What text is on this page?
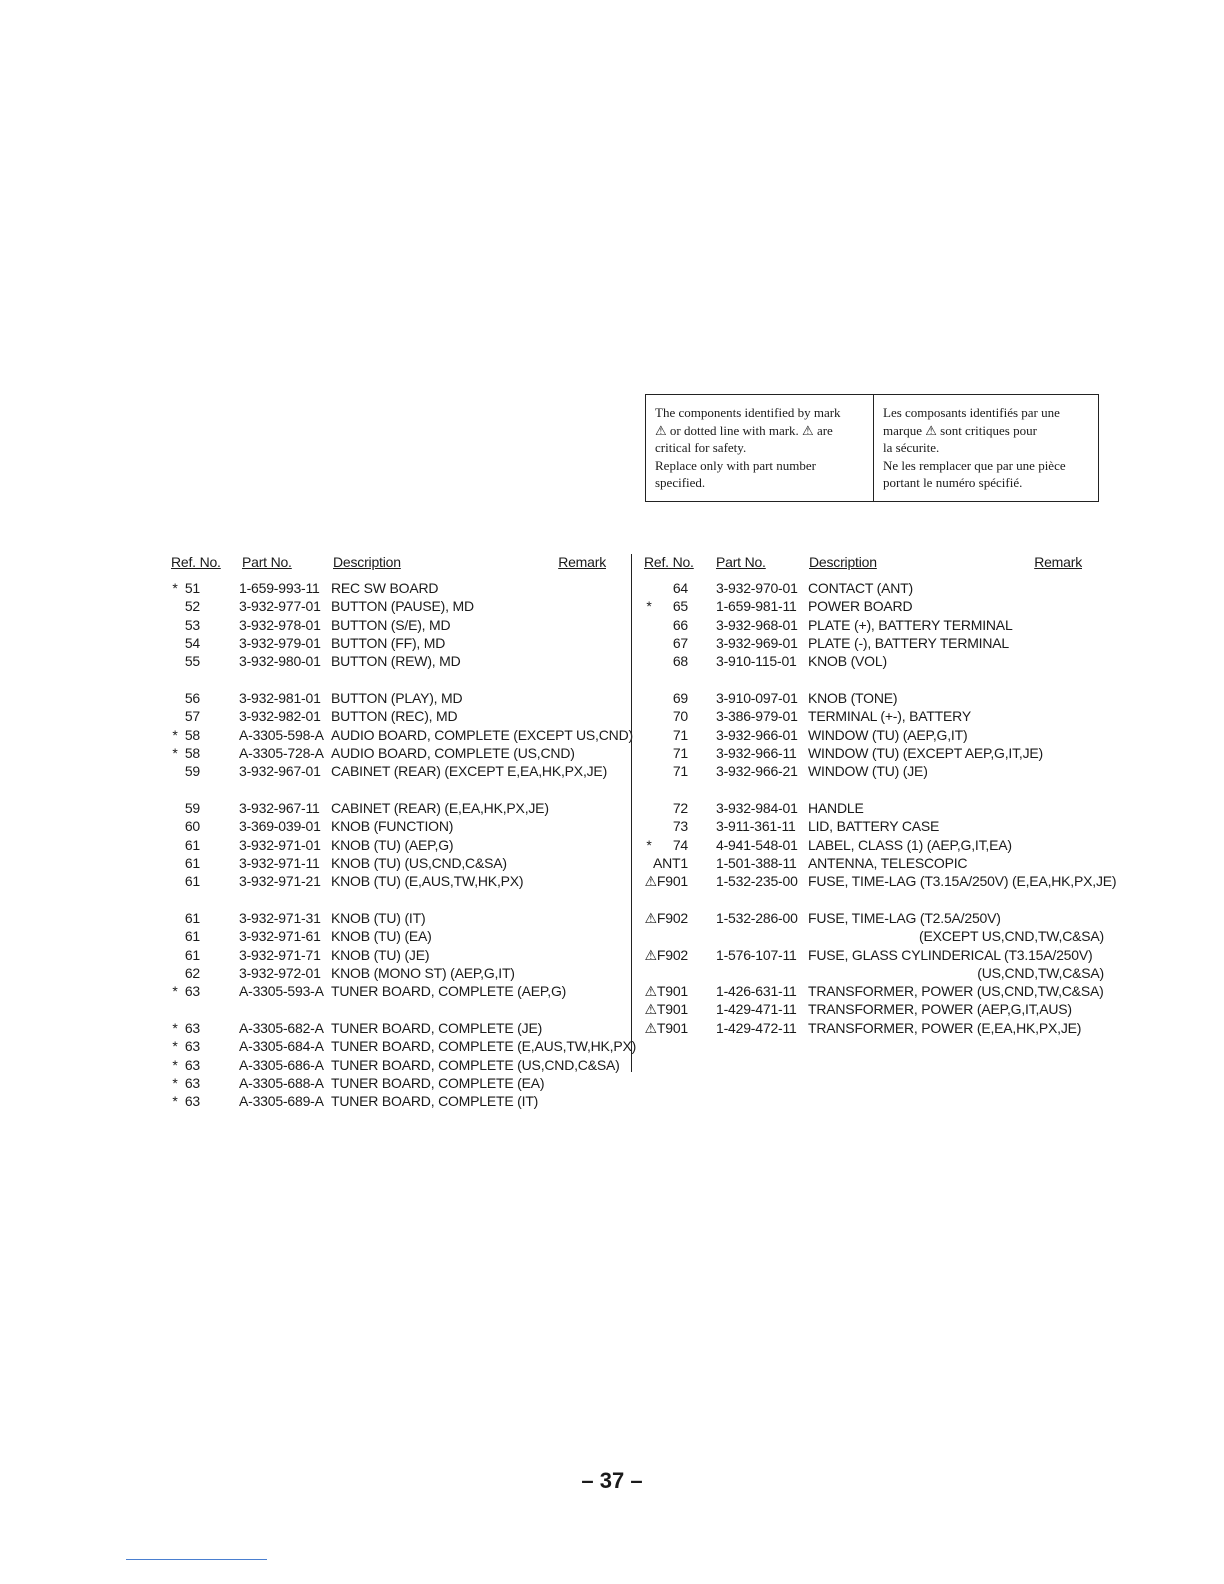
The components identified by mark
⚠ or dotted line with mark. ⚠ are
critical for safety.
Replace only with part number
specified.
Les composants identifiés par une
marque ⚠ sont critiques pour
la sécurite.
Ne les remplacer que par une pièce
portant le numéro spécifié.
Ref. No. Part No.	Description	Remark
* 51	1-659-993-11 REC SW BOARD
52	3-932-977-01 BUTTON (PAUSE), MD
53	3-932-978-01 BUTTON (S/E), MD
54	3-932-979-01 BUTTON (FF), MD
55	3-932-980-01 BUTTON (REW), MD
56	3-932-981-01 BUTTON (PLAY), MD
57	3-932-982-01 BUTTON (REC), MD
* 58	A-3305-598-A AUDIO BOARD, COMPLETE (EXCEPT US,CND)
* 58	A-3305-728-A AUDIO BOARD, COMPLETE (US,CND)
59	3-932-967-01 CABINET (REAR) (EXCEPT E,EA,HK,PX,JE)
59	3-932-967-11 CABINET (REAR) (E,EA,HK,PX,JE)
60	3-369-039-01 KNOB (FUNCTION)
61	3-932-971-01 KNOB (TU) (AEP,G)
61	3-932-971-11 KNOB (TU) (US,CND,C&SA)
61	3-932-971-21 KNOB (TU) (E,AUS,TW,HK,PX)
61	3-932-971-31 KNOB (TU) (IT)
61	3-932-971-61 KNOB (TU) (EA)
61	3-932-971-71 KNOB (TU) (JE)
62	3-932-972-01 KNOB (MONO ST) (AEP,G,IT)
* 63	A-3305-593-A TUNER BOARD, COMPLETE (AEP,G)
* 63	A-3305-682-A TUNER BOARD, COMPLETE (JE)
* 63	A-3305-684-A TUNER BOARD, COMPLETE (E,AUS,TW,HK,PX)
* 63	A-3305-686-A TUNER BOARD, COMPLETE (US,CND,C&SA)
* 63	A-3305-688-A TUNER BOARD, COMPLETE (EA)
* 63	A-3305-689-A TUNER BOARD, COMPLETE (IT)
Ref. No. Part No.	Description	Remark
64 3-932-970-01 CONTACT (ANT)
*	65 1-659-981-11 POWER BOARD
66 3-932-968-01 PLATE (+), BATTERY TERMINAL
67 3-932-969-01 PLATE (-), BATTERY TERMINAL
68 3-910-115-01 KNOB (VOL)
69 3-910-097-01 KNOB (TONE)
70 3-386-979-01 TERMINAL (+-), BATTERY
71 3-932-966-01 WINDOW (TU) (AEP,G,IT)
71 3-932-966-11 WINDOW (TU) (EXCEPT AEP,G,IT,JE)
71 3-932-966-21 WINDOW (TU) (JE)
72 3-932-984-01 HANDLE
73 3-911-361-11 LID, BATTERY CASE
*	74 4-941-548-01 LABEL, CLASS (1) (AEP,G,IT,EA)
ANT1 1-501-388-11 ANTENNA, TELESCOPIC
⚠F901 1-532-235-00 FUSE, TIME-LAG (T3.15A/250V) (E,EA,HK,PX,JE)
⚠F902 1-532-286-00 FUSE, TIME-LAG (T2.5A/250V)
(EXCEPT US,CND,TW,C&SA)
⚠F902 1-576-107-11 FUSE, GLASS CYLINDERICAL (T3.15A/250V)
(US,CND,TW,C&SA)
⚠T901 1-426-631-11 TRANSFORMER, POWER (US,CND,TW,C&SA)
⚠T901 1-429-471-11 TRANSFORMER, POWER (AEP,G,IT,AUS)
⚠T901 1-429-472-11 TRANSFORMER, POWER (E,EA,HK,PX,JE)
– 37 –
